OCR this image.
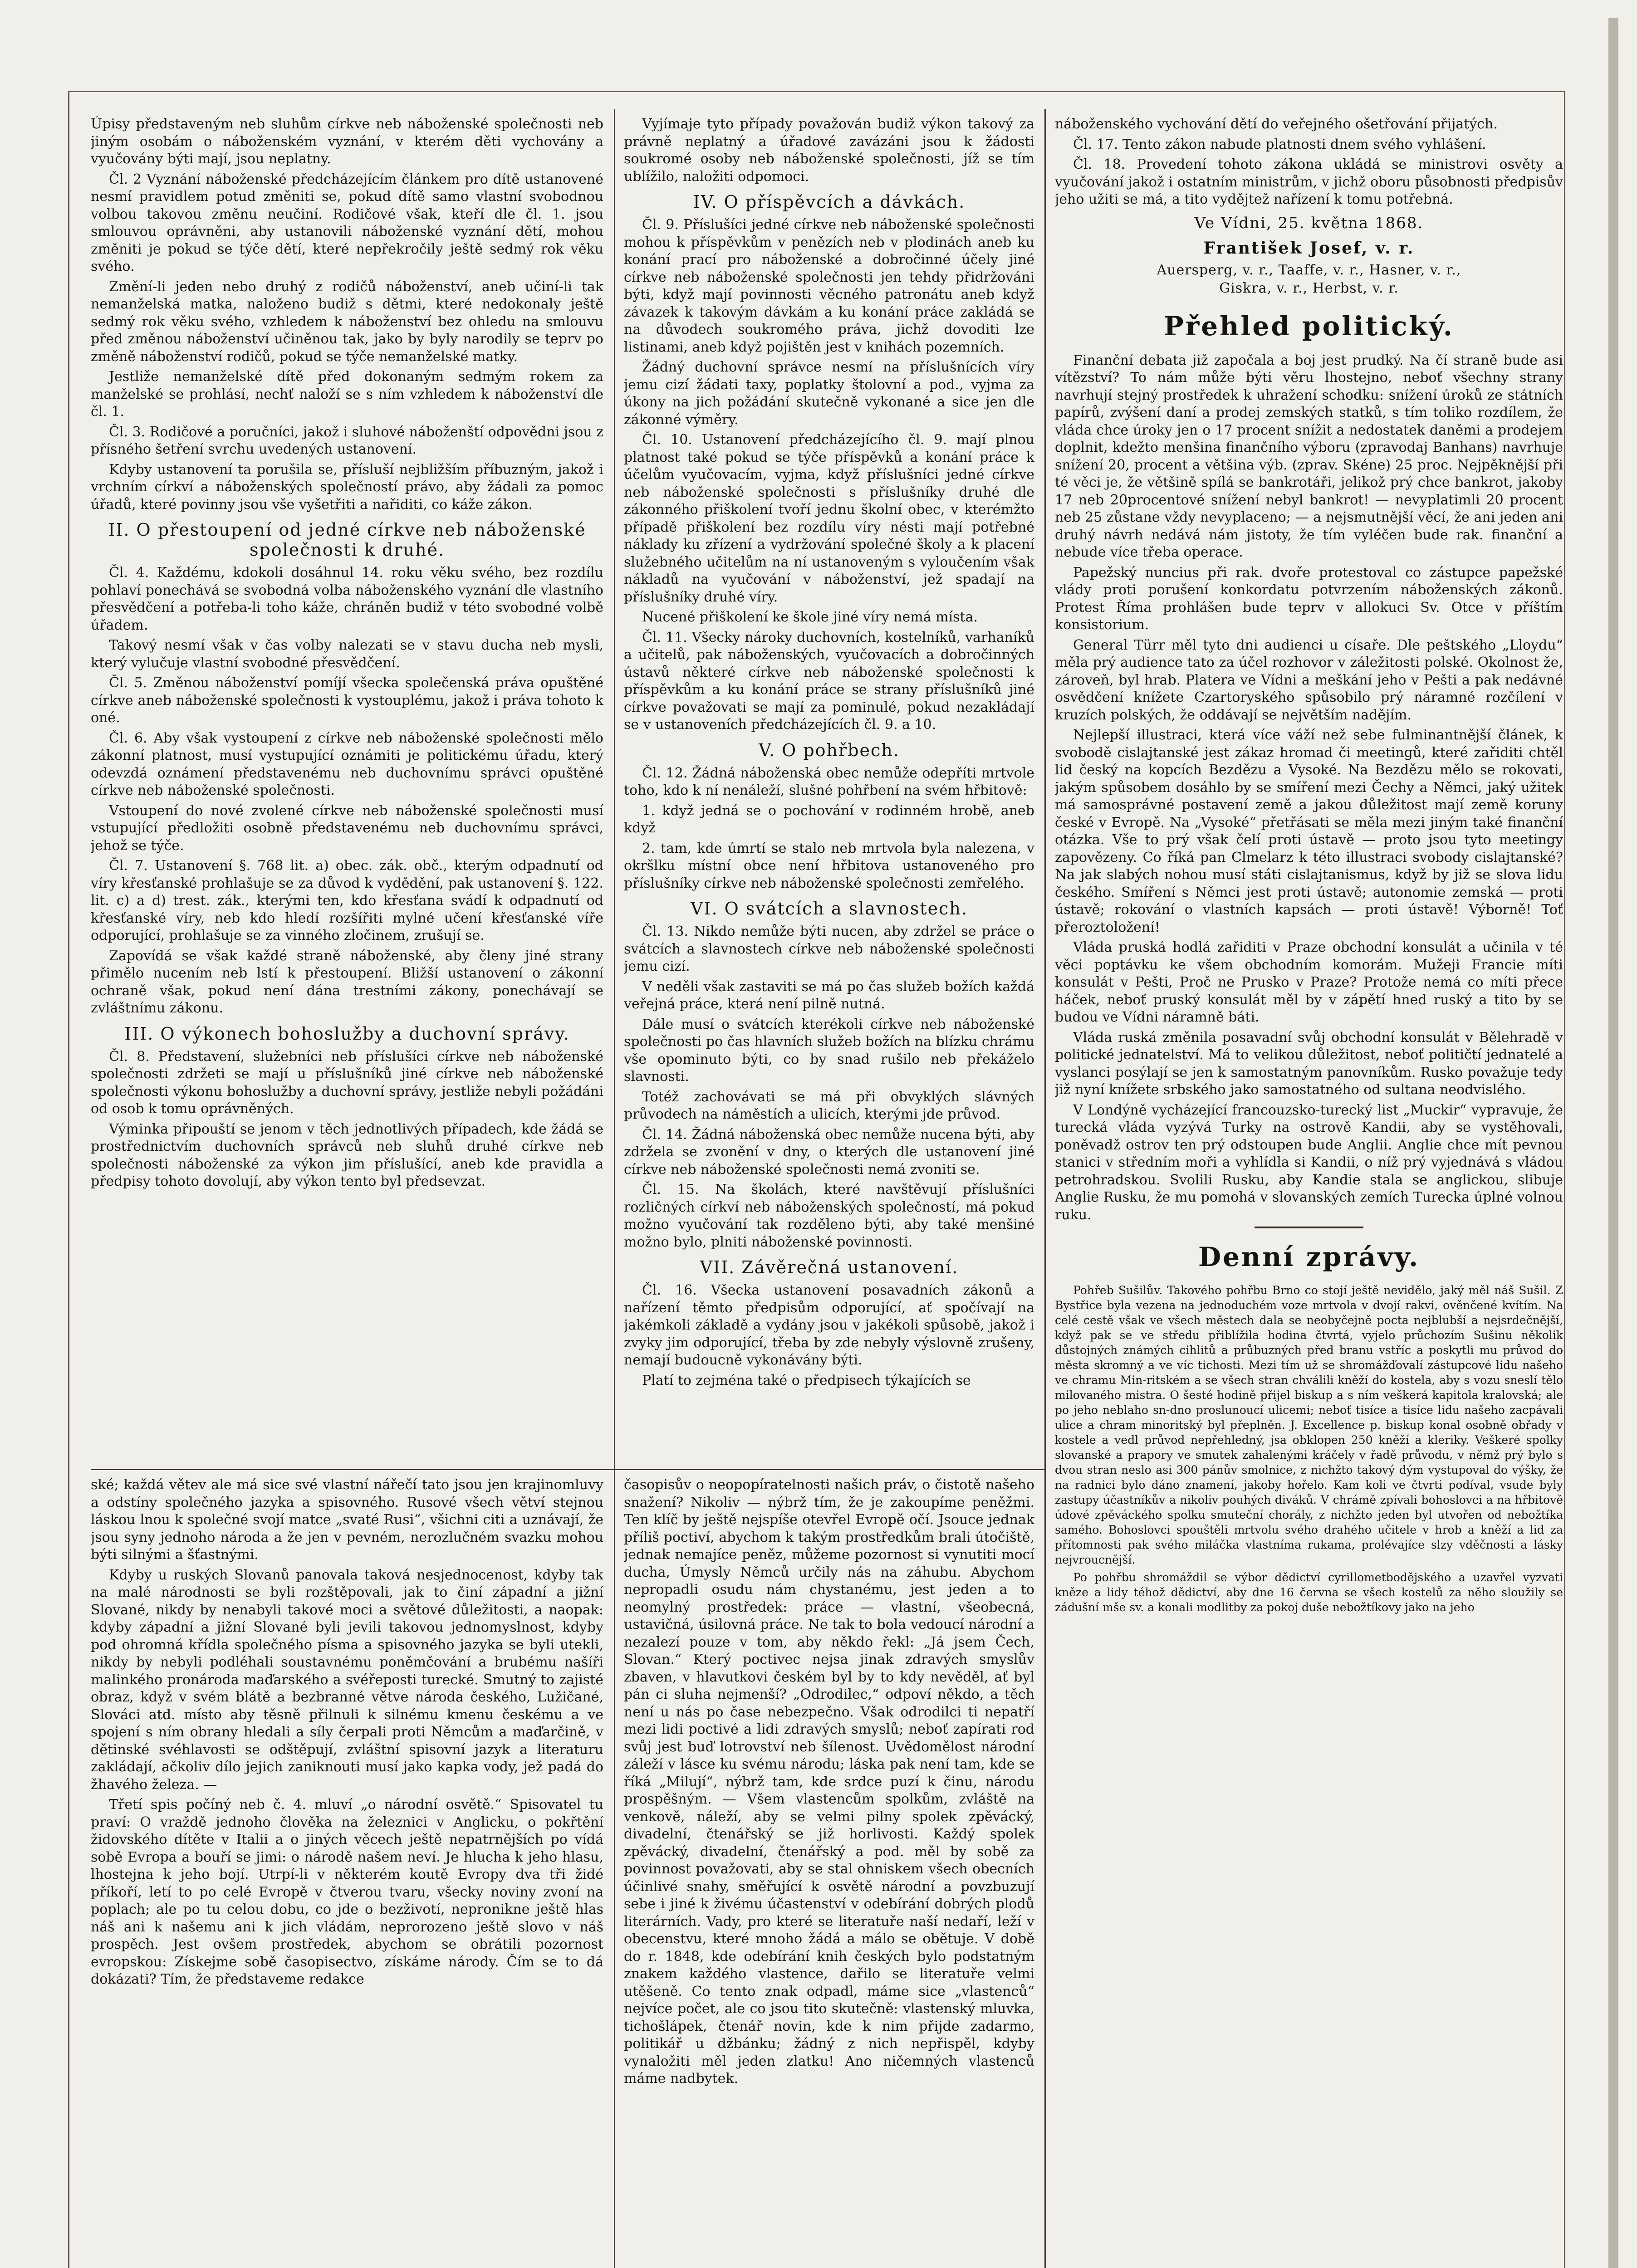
Úpisy představeným neb sluhům církve neb náboženské společnosti neb jiným osobám o náboženském vyznání, v kterém děti vychovány a vyučovány býti mají, jsou neplatny.

Čl. 2 Vyznání náboženské předcházejícím článkem pro dítě ustanovené nesmí pravidlem potud změniti se, pokud dítě samo vlastní svobodnou volbou takovou změnu neučiní. Rodičové však, kteří dle čl. 1. jsou smlouvou oprávněni, aby ustanovili náboženské vyznání dětí, mohou změniti je pokud se týče dětí, které nepřekročily ještě sedmý rok věku svého.

Změní-li jeden nebo druhý z rodičů náboženství, aneb učiní-li tak nemanželská matka, naloženo budiž s dětmi, které nedokonaly ještě sedmý rok věku svého, vzhledem k náboženství bez ohledu na smlouvu před změnou náboženství učiněnou tak, jako by byly narodily se teprv po změně náboženství rodičů, pokud se týče nemanželské matky.

Jestliže nemanželské dítě před dokonaným sedmým rokem za manželské se prohlásí, nechť naloží se s ním vzhledem k náboženství dle čl. 1.

Čl. 3. Rodičové a poručníci, jakož i sluhové náboženští odpovědni jsou z přísného šetření svrchu uvedených ustanovení.

Kdyby ustanovení ta porušila se, přísluší nejbližším příbuzným, jakož i vrchním církví a náboženských společností právo, aby žádali za pomoc úřadů, které povinny jsou vše vyšetřiti a nařiditi, co káže zákon.

II. O přestoupení od jedné církve neb náboženské společnosti k druhé.

Čl. 4. Každému, kdokoli dosáhnul 14. roku věku svého, bez rozdílu pohlaví ponechává se svobodná volba náboženského vyznání dle vlastního přesvědčení a potřeba-li toho káže, chráněn budiž v této svobodné volbě úřadem.

Takový nesmí však v čas volby nalezati se v stavu ducha neb mysli, který vylučuje vlastní svobodné přesvědčení.

Čl. 5. Změnou náboženství pomíjí všecka společenská práva opuštěné církve aneb náboženské společnosti k vystouplému, jakož i práva tohoto k oné.

Čl. 6. Aby však vystoupení z církve neb náboženské společnosti mělo zákonní platnost, musí vystupující oznámiti je politickému úřadu, který odevzdá oznámení představenému neb duchovnímu správci opuštěné církve neb náboženské společnosti.

Vstoupení do nové zvolené církve neb náboženské společnosti musí vstupující předložiti osobně představenému neb duchovnímu správci, jehož se týče.

Čl. 7. Ustanovení §. 768 lit. a) obec. zák. obč., kterým odpadnutí od víry křesťanské prohlašuje se za důvod k vydědění, pak ustanovení §. 122. lit. c) a d) trest. zák., kterými ten, kdo křesťana svádí k odpadnutí od křesťanské víry, neb kdo hledí rozšířiti mylné učení křesťanské víře odporující, prohlašuje se za vinného zločinem, zrušují se.

Zapovídá se však každé straně náboženské, aby členy jiné strany přimělo nucením neb lstí k přestoupení. Bližší ustanovení o zákonní ochraně však, pokud není dána trestními zákony, ponechávají se zvláštnímu zákonu.

III. O výkonech bohoslužby a duchovní správy.

Čl. 8. Představení, služebníci neb příslušíci církve neb náboženské společnosti zdržeti se mají u příslušníků jiné církve neb náboženské společnosti výkonu bohoslužby a duchovní správy, jestliže nebyli požádáni od osob k tomu oprávněných.

Výminka připouští se jenom v těch jednotlivých případech, kde žádá se prostřednictvím duchovních správců neb sluhů druhé církve neb společnosti náboženské za výkon jim příslušící, aneb kde pravidla a předpisy tohoto dovolují, aby výkon tento byl předsevzat.

Vyjímaje tyto případy považován budiž výkon takový za právně neplatný a úřadové zavázáni jsou k žádosti soukromé osoby neb náboženské společnosti, jíž se tím ublížilo, naložiti odpomoci.

IV. O příspěvcích a dávkách.

Čl. 9. Příslušíci jedné církve neb náboženské společnosti mohou k příspěvkům v penězích neb v plodinách aneb ku konání prací pro náboženské a dobročinné účely jiné církve neb náboženské společnosti jen tehdy přidržováni býti, když mají povinnosti věcného patronátu aneb když závazek k takovým dávkám a ku konání práce zakládá se na důvodech soukromého práva, jichž dovoditi lze listinami, aneb když pojištěn jest v knihách pozemních.

Žádný duchovní správce nesmí na příslušnících víry jemu cizí žádati taxy, poplatky štolovní a pod., vyjma za úkony na jich požádání skutečně vykonané a sice jen dle zákonné výměry.

Čl. 10. Ustanovení předcházejícího čl. 9. mají plnou platnost také pokud se týče příspěvků a konání práce k účelům vyučovacím, vyjma, když příslušníci jedné církve neb náboženské společnosti s příslušníky druhé dle zákonného přiškolení tvoří jednu školní obec, v kterémžto případě přiškolení bez rozdílu víry nésti mají potřebné náklady ku zřízení a vydržování společné školy a k placení služebného učitelům na ní ustanoveným s vyloučením však nákladů na vyučování v náboženství, jež spadají na příslušníky druhé víry.

Nucené přiškolení ke škole jiné víry nemá místa.

Čl. 11. Všecky nároky duchovních, kostelníků, varhaníků a učitelů, pak náboženských, vyučovacích a dobročinných ústavů některé církve neb náboženské společnosti k příspěvkům a ku konání práce se strany příslušníků jiné církve považovati se mají za pominulé, pokud nezakládají se v ustanoveních předcházejících čl. 9. a 10.

V. O pohřbech.

Čl. 12. Žádná náboženská obec nemůže odepříti mrtvole toho, kdo k ní nenáleží, slušné pohřbení na svém hřbitově:

1. když jedná se o pochování v rodinném hrobě, aneb když

2. tam, kde úmrtí se stalo neb mrtvola byla nalezena, v okršlku místní obce není hřbitova ustanoveného pro příslušníky církve neb náboženské společnosti zemřelého.

VI. O svátcích a slavnostech.

Čl. 13. Nikdo nemůže býti nucen, aby zdržel se práce o svátcích a slavnostech církve neb náboženské společnosti jemu cizí.

V neděli však zastaviti se má po čas služeb božích každá veřejná práce, která není pilně nutná.

Dále musí o svátcích kterékoli církve neb náboženské společnosti po čas hlavních služeb božích na blízku chrámu vše opominuto býti, co by snad rušilo neb překáželo slavnosti.

Totéž zachovávati se má při obvyklých slávných průvodech na náměstích a ulicích, kterými jde průvod.

Čl. 14. Žádná náboženská obec nemůže nucena býti, aby zdržela se zvonění v dny, o kterých dle ustanovení jiné církve neb náboženské společnosti nemá zvoniti se.

Čl. 15. Na školách, které navštěvují příslušníci rozličných církví neb náboženských společností, má pokud možno vyučování tak rozděleno býti, aby také menšiné možno bylo, plniti náboženské povinnosti.

VII. Závěrečná ustanovení.

Čl. 16. Všecka ustanovení posavadních zákonů a nařízení těmto předpisům odporující, ať spočívají na jakémkoli základě a vydány jsou v jakékoli spůsobě, jakož i zvyky jim odporující, třeba by zde nebyly výslovně zrušeny, nemají budoucně vykonávány býti.

Platí to zejména také o předpisech týkajících se

náboženského vychování dětí do veřejného ošetřování přijatých.

Čl. 17. Tento zákon nabude platnosti dnem svého vyhlášení.

Čl. 18. Provedení tohoto zákona ukládá se ministrovi osvěty a vyučování jakož i ostatním ministrům, v jichž oboru působnosti předpisův jeho užiti se má, a tito vydějtež nařízení k tomu potřebná.

Ve Vídni, 25. května 1868.
František Josef, v. r.
Auersperg, v. r., Taaffe, v. r., Hasner, v. r.,
Giskra, v. r., Herbst, v. r.
Přehled politický.

Finanční debata již započala a boj jest prudký. Na čí straně bude asi vítězství? To nám může býti věru lhostejno, neboť všechny strany navrhují stejný prostředek k uhražení schodku: snížení úroků ze státních papírů, zvýšení daní a prodej zemských statků, s tím toliko rozdílem, že vláda chce úroky jen o 17 procent snížit a nedostatek daněmi a prodejem doplnit, kdežto menšina finančního výboru (zpravodaj Banhans) navrhuje snížení 20, procent a většina výb. (zprav. Skéne) 25 proc. Nejpěknější při té věci je, že většině spílá se bankrotáři, jelikož prý chce bankrot, jakoby 17 neb 20procentové snížení nebyl bankrot! — nevyplatimli 20 procent neb 25 zůstane vždy nevyplaceno; — a nejsmutnější věcí, že ani jeden ani druhý návrh nedává nám jistoty, že tím vyléčen bude rak. finanční a nebude více třeba operace.

Papežský nuncius při rak. dvoře protestoval co zástupce papežské vlády proti porušení konkordatu potvrzením náboženských zákonů. Protest Říma prohlášen bude teprv v allokuci Sv. Otce v příštím konsistorium.

General Türr měl tyto dni audienci u císaře. Dle peštského „Lloydu“ měla prý audience tato za účel rozhovor v záležitosti polské. Okolnost že, zároveň, byl hrab. Platera ve Vídni a meškání jeho v Pešti a pak nedávné osvědčení knížete Czartoryského spůsobilo prý náramné rozčílení v kruzích polských, že oddávají se největším nadějím.

Nejlepší illustraci, která více váží než sebe fulminantnější článek, k svobodě cislajtanské jest zákaz hromad či meetingů, které zařiditi chtěl lid český na kopcích Bezdězu a Vysoké. Na Bezdězu mělo se rokovati, jakým spůsobem dosáhlo by se smíření mezi Čechy a Němci, jaký užitek má samosprávné postavení země a jakou důležitost mají země koruny české v Evropě. Na „Vysoké“ přetřásati se měla mezi jiným také finanční otázka. Vše to prý však čelí proti ústavě — proto jsou tyto meetingy zapovězeny. Co říká pan Clmelarz k této illustraci svobody cislajtanské? Na jak slabých nohou musí státi cislajtanismus, když by již se slova lidu českého. Smíření s Němci jest proti ústavě; autonomie zemská — proti ústavě; rokování o vlastních kapsách — proti ústavě! Výborně! Toť přeroztoložení!

Vláda pruská hodlá zařiditi v Praze obchodní konsulát a učinila v té věci poptávku ke všem obchodním komorám. Mužeji Francie míti konsulát v Pešti, Proč ne Prusko v Praze? Protože nemá co míti přece háček, neboť pruský konsulát měl by v zápětí hned ruský a tito by se budou ve Vídni náramně báti.

Vláda ruská změnila posavadní svůj obchodní konsulát v Bělehradě v politické jednatelství. Má to velikou důležitost, neboť političtí jednatelé a vyslanci posýlají se jen k samostatným panovníkům. Rusko považuje tedy již nyní knížete srbského jako samostatného od sultana neodvislého.

V Londýně vycházející francouzsko-turecký list „Muckir“ vypravuje, že turecká vláda vyzývá Turky na ostrově Kandii, aby se vystěhovali, poněvadž ostrov ten prý odstoupen bude Anglii. Anglie chce mít pevnou stanici v středním moři a vyhlídla si Kandii, o níž prý vyjednává s vládou petrohradskou. Svolili Rusku, aby Kandie stala se anglickou, slibuje Anglie Rusku, že mu pomohá v slovanských zemích Turecka úplné volnou ruku.

Denní zprávy.

Pohřeb Sušilův. Takového pohřbu Brno co stojí ještě nevidělo, jaký měl náš Sušil. Z Bystřice byla vezena na jednoduchém voze mrtvola v dvojí rakvi, ověnčené kvítím. Na celé cestě však ve všech městech dala se neobyčejně pocta nejblubší a nejsrdečnější, když pak se ve středu přiblížila hodina čtvrtá, vyjelo průchozím Sušinu několik důstojných známých cihlitů a průbuzných před branu vstříc a poskytli mu průvod do města skromný a ve víc tichosti. Mezi tím už se shromážďovalí zástupcové lidu našeho ve chramu Min-ritském a se všech stran chválili kněží do kostela, aby s vozu sneslí tělo milovaného mistra. O šesté hodině přijel biskup a s ním veškerá kapitola kralovská; ale po jeho neblaho sn-dno proslunoucí ulicemi; neboť tisíce a tisíce lidu našeho zacpávali ulice a chram minoritský byl přeplněn. J. Excellence p. biskup konal osobně obřady v kostele a vedl průvod nepřehledný, jsa obklopen 250 kněží a kleriky. Veškeré spolky slovanské a prapory ve smutek zahalenými kráčely v řadě průvodu, v němž prý bylo s dvou stran neslo asi 300 pánův smolnice, z nichžto takový dým vystupoval do výšky, že na radnici bylo dáno znamení, jakoby hořelo. Kam koli ve čtvrti podíval, vsude byly zastupy účastníkův a nikoliv pouhých diváků. V chrámě zpívali bohoslovci a na hřbitově údové zpěváckého spolku smuteční chorály, z nichžto jeden byl utvořen od nebožtíka samého. Bohoslovci spouštěli mrtvolu svého drahého učitele v hrob a kněží a lid za přítomnosti pak svého miláčka vlastníma rukama, prolévajíce slzy vděčnosti a lásky nejvroucnější.

Po pohřbu shromáždil se výbor dědictví cyrillometbodějského a uzavřel vyzvati kněze a lidy téhož dědictví, aby dne 16 června se všech kostelů za něho sloužily se zádušní mše sv. a konali modlitby za pokoj duše nebožtíkovy jako na jeho

ské; každá větev ale má sice své vlastní nářečí tato jsou jen krajinomluvy a odstíny společného jazyka a spisovného. Rusové všech větví stejnou láskou lnou k společné svojí matce „svaté Rusi“, všichni citi a uznávají, že jsou syny jednoho národa a že jen v pevném, nerozlučném svazku mohou býti silnými a šťastnými.

Kdyby u ruských Slovanů panovala taková nesjednocenost, kdyby tak na malé národnosti se byli rozštěpovali, jak to činí západní a jižní Slované, nikdy by nenabyli takové moci a světové důležitosti, a naopak: kdyby západní a jižní Slované byli jevili takovou jednomyslnost, kdyby pod ohromná křídla společného písma a spisovného jazyka se byli utekli, nikdy by nebyli podléhali soustavnému poněmčování a brubému našíři malinkého pronároda maďarského a svéřeposti turecké. Smutný to zajisté obraz, když v svém blátě a bezbranné větve národa českého, Lužičané, Slováci atd. místo aby těsně přilnuli k silnému kmenu českému a ve spojení s ním obrany hledali a síly čerpali proti Němcům a maďarčině, v dětinské svéhlavosti se odštěpují, zvláštní spisovní jazyk a literaturu zakládají, ačkoliv dílo jejich zaniknouti musí jako kapka vody, jež padá do žhavého železa. —

Třetí spis počíný neb č. 4. mluví „o národní osvětě.“ Spisovatel tu praví: O vraždě jednoho člověka na železnici v Anglicku, o pokřtění židovského dítěte v Italii a o jiných věcech ještě nepatrnějších po vídá sobě Evropa a bouří se jimi: o národě našem neví. Je hlucha k jeho hlasu, lhostejna k jeho bojí. Utrpí-li v některém koutě Evropy dva tři židé příkoří, letí to po celé Evropě v čtverou tvaru, všecky noviny zvoní na poplach; ale po tu celou dobu, co jde o bezživotí, nepronikne ještě hlas náš ani k našemu ani k jich vládám, neprorozeno ještě slovo v náš prospěch. Jest ovšem prostředek, abychom se obrátili pozornost evropskou: Získejme sobě časopisectvo, získáme národy. Čím se to dá dokázati? Tím, že představeme redakce

časopisův o neopopíratelnosti našich práv, o čistotě našeho snažení? Nikoliv — nýbrž tím, že je zakoupíme peněžmi. Ten klíč by ještě nejspíše otevřel Evropě očí. Jsouce jednak příliš poctiví, abychom k takým prostředkům brali útočiště, jednak nemajíce peněz, můžeme pozornost si vynutiti mocí ducha, Úmysly Němců určily nás na záhubu. Abychom nepropadli osudu nám chystanému, jest jeden a to neomylný prostředek: práce — vlastní, všeobecná, ustavičná, úsilovná práce. Ne tak to bola vedoucí národní a nezalezí pouze v tom, aby někdo řekl: „Já jsem Čech, Slovan.“ Který poctivec nejsa jinak zdravých smyslův zbaven, v hlavutkovi českém byl by to kdy nevěděl, ať byl pán ci sluha nejmenší? „Odrodilec,“ odpoví někdo, a těch není u nás po čase nebezpečno. Však odrodilci ti nepatří mezi lidi poctivé a lidi zdravých smyslů; neboť zapírati rod svůj jest buď lotrovství neb šílenost. Uvědomělost národní záleží v lásce ku svému národu; láska pak není tam, kde se říká „Milují“, nýbrž tam, kde srdce puzí k činu, národu prospěšným. — Všem vlastencům spolkům, zvláště na venkově, náleží, aby se velmi pilny spolek zpěvácký, divadelní, čtenářský se již horlivosti. Každý spolek zpěvácký, divadelní, čtenářský a pod. měl by sobě za povinnost považovati, aby se stal ohniskem všech obecních účinlivé snahy, směřující k osvětě národní a povzbuzují sebe i jiné k živému účastenství v odebírání dobrých plodů literárních. Vady, pro které se literatuře naší nedaří, leží v obecenstvu, které mnoho žádá a málo se obětuje. V době do r. 1848, kde odebírání knih českých bylo podstatným znakem každého vlastence, dařilo se literatuře velmi utěšeně. Co tento znak odpadl, máme sice „vlastenců“ nejvíce počet, ale co jsou tito skutečně: vlastenský mluvka, tichošlápek, čtenář novin, kde k nim přijde zadarmo, politikář u džbánku; žádný z nich nepřispěl, kdyby vynaložiti měl jeden zlatku! Ano ničemných vlastenců máme nadbytek.
